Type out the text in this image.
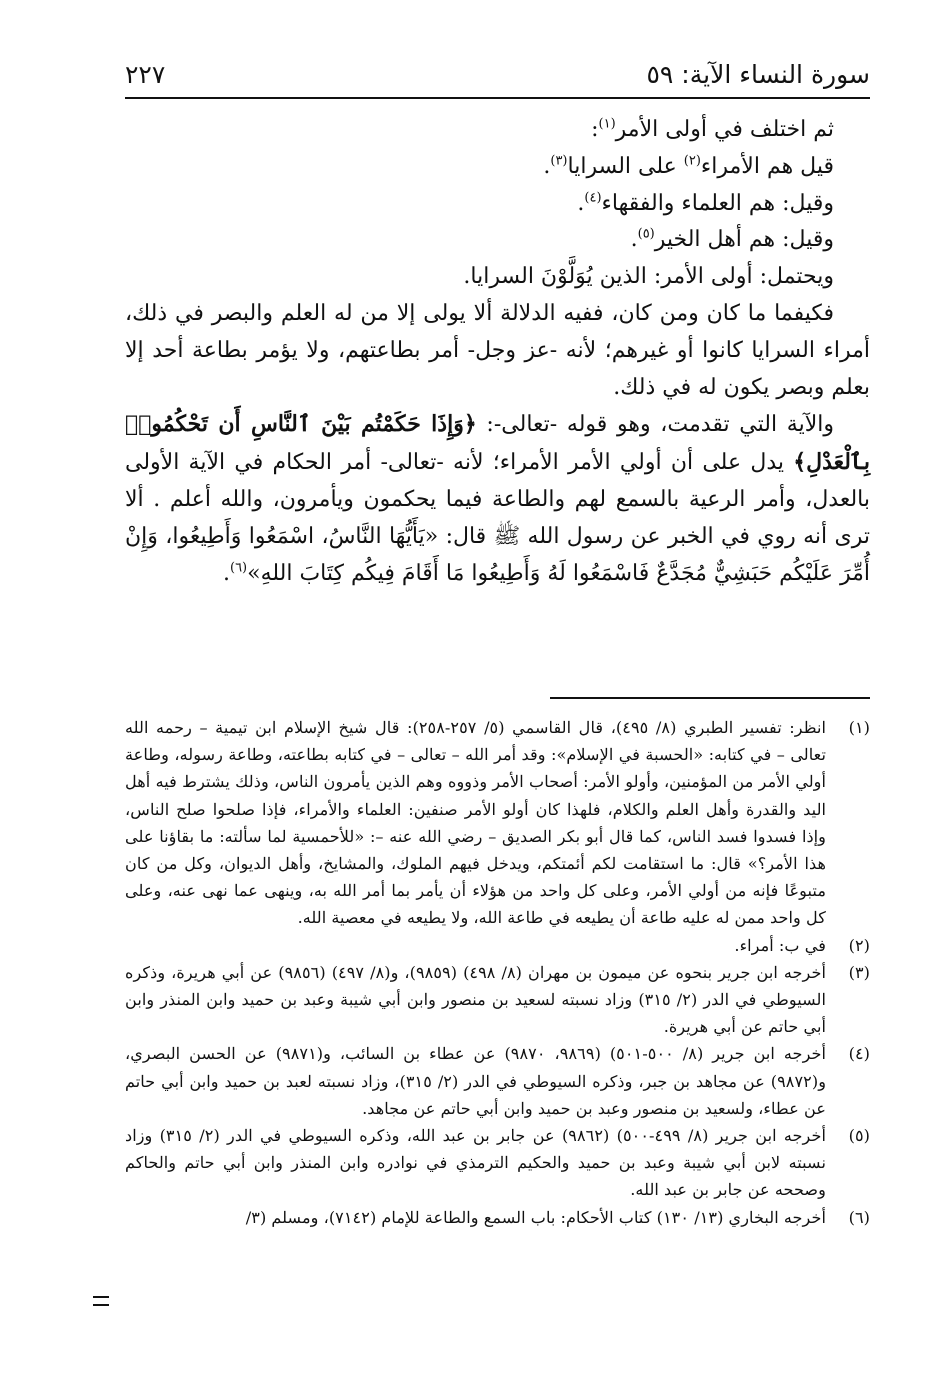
سورة النساء الآية: ٥٩
٢٢٧

ثم اختلف في أولى الأمر$^{(١)}$:

قيل هم الأمراء$^{(٢)}$ على السرايا$^{(٣)}$.

وقيل: هم العلماء والفقهاء$^{(٤)}$.

وقيل: هم أهل الخير$^{(٥)}$.

ويحتمل: أولى الأمر: الذين يُوَلَّوْنَ السرايا.

فكيفما ما كان ومن كان، ففيه الدلالة ألا يولى إلا من له العلم والبصر في ذلك، أمراء السرايا كانوا أو غيرهم؛ لأنه -عز وجل- أمر بطاعتهم، ولا يؤمر بطاعة أحد إلا بعلم وبصر يكون له في ذلك.

والآية التي تقدمت، وهو قوله -تعالى-: ﴿وَإِذَا حَكَمْتُم بَيْنَ ٱلنَّاسِ أَن تَحْكُمُوا۟ بِٱلْعَدْلِ﴾ يدل على أن أولي الأمر الأمراء؛ لأنه -تعالى- أمر الحكام في الآية الأولى بالعدل، وأمر الرعية بالسمع لهم والطاعة فيما يحكمون ويأمرون، والله أعلم . ألا ترى أنه روي في الخبر عن رسول الله ﷺ قال: «يَأَيُّهَا النَّاسُ، اسْمَعُوا وَأَطِيعُوا، وَإِنْ أُمِّرَ عَلَيْكُم حَبَشِيٌّ مُجَدَّعٌ فَاسْمَعُوا لَهُ وَأَطِيعُوا مَا أَقَامَ فِيكُم كِتَابَ اللهِ»$^{(٦)}$.

(١)
انظر: تفسير الطبري (٨/ ٤٩٥)، قال القاسمي (٥/ ٢٥٧-٢٥٨): قال شيخ الإسلام ابن تيمية – رحمه الله تعالى – في كتابه: «الحسبة في الإسلام»: وقد أمر الله – تعالى – في كتابه بطاعته، وطاعة رسوله، وطاعة أولي الأمر من المؤمنين، وأولو الأمر: أصحاب الأمر وذووه وهم الذين يأمرون الناس، وذلك يشترط فيه أهل اليد والقدرة وأهل العلم والكلام، فلهذا كان أولو الأمر صنفين: العلماء والأمراء، فإذا صلحوا صلح الناس، وإذا فسدوا فسد الناس، كما قال أبو بكر الصديق – رضي الله عنه –: «للأحمسية لما سألته: ما بقاؤنا على هذا الأمر؟» قال: ما استقامت لكم أئمتكم، ويدخل فيهم الملوك، والمشايخ، وأهل الديوان، وكل من كان متبوعًا فإنه من أولي الأمر، وعلى كل واحد من هؤلاء أن يأمر بما أمر الله به، وينهى عما نهى عنه، وعلى كل واحد ممن له عليه طاعة أن يطيعه في طاعة الله، ولا يطيعه في معصية الله.

(٢)
في ب: أمراء.

(٣)
أخرجه ابن جرير بنحوه عن ميمون بن مهران (٨/ ٤٩٨) (٩٨٥٩)، و(٨/ ٤٩٧) (٩٨٥٦) عن أبي هريرة، وذكره السيوطي في الدر (٢/ ٣١٥) وزاد نسبته لسعيد بن منصور وابن أبي شيبة وعبد بن حميد وابن المنذر وابن أبي حاتم عن أبي هريرة.

(٤)
أخرجه ابن جرير (٨/ ٥٠٠-٥٠١) (٩٨٦٩، ٩٨٧٠) عن عطاء بن السائب، و(٩٨٧١) عن الحسن البصري، و(٩٨٧٢) عن مجاهد بن جبر، وذكره السيوطي في الدر (٢/ ٣١٥)، وزاد نسبته لعبد بن حميد وابن أبي حاتم عن عطاء، ولسعيد بن منصور وعبد بن حميد وابن أبي حاتم عن مجاهد.

(٥)
أخرجه ابن جرير (٨/ ٤٩٩-٥٠٠) (٩٨٦٢) عن جابر بن عبد الله، وذكره السيوطي في الدر (٢/ ٣١٥) وزاد نسبته لابن أبي شيبة وعبد بن حميد والحكيم الترمذي في نوادره وابن المنذر وابن أبي حاتم والحاكم وصححه عن جابر بن عبد الله.

(٦)
أخرجه البخاري (١٣/ ١٣٠) كتاب الأحكام: باب السمع والطاعة للإمام (٧١٤٢)، ومسلم (٣/
